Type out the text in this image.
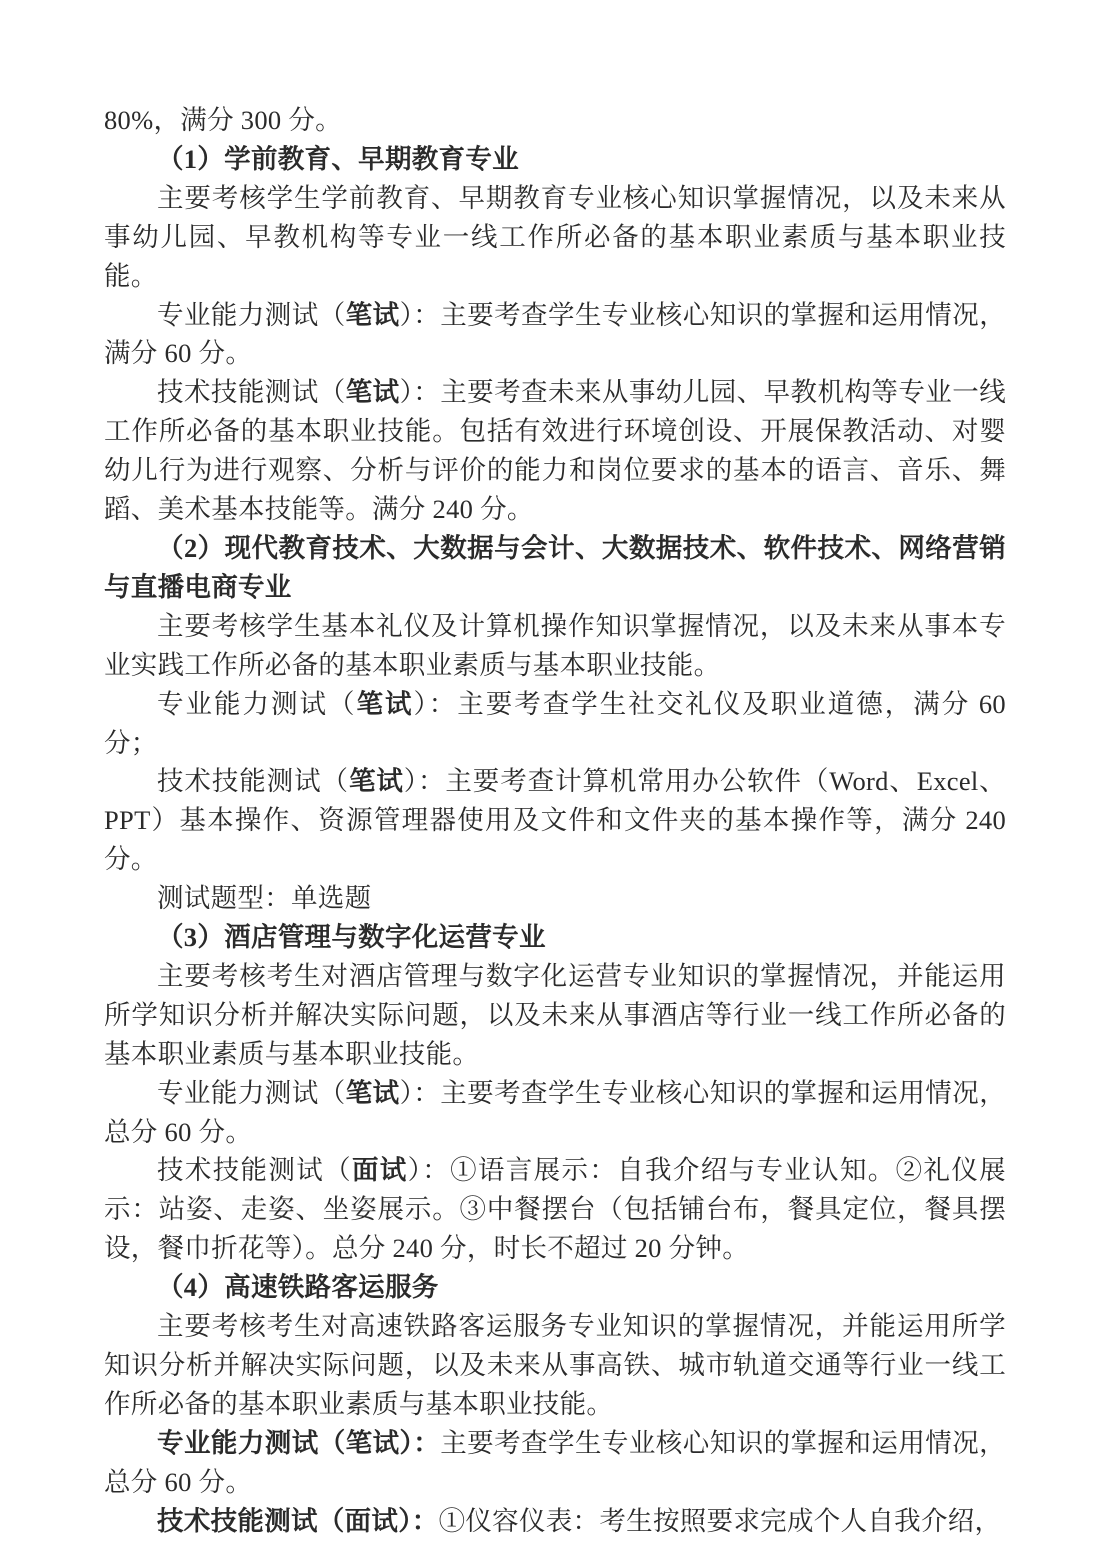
80%，满分 300 分。

（1）学前教育、早期教育专业

主要考核学生学前教育、早期教育专业核心知识掌握情况，以及未来从事幼儿园、早教机构等专业一线工作所必备的基本职业素质与基本职业技能。

专业能力测试（笔试）：主要考查学生专业核心知识的掌握和运用情况，满分 60 分。

技术技能测试（笔试）：主要考查未来从事幼儿园、早教机构等专业一线工作所必备的基本职业技能。包括有效进行环境创设、开展保教活动、对婴幼儿行为进行观察、分析与评价的能力和岗位要求的基本的语言、音乐、舞蹈、美术基本技能等。满分 240 分。

（2）现代教育技术、大数据与会计、大数据技术、软件技术、网络营销与直播电商专业

主要考核学生基本礼仪及计算机操作知识掌握情况，以及未来从事本专业实践工作所必备的基本职业素质与基本职业技能。

专业能力测试（笔试）：主要考查学生社交礼仪及职业道德，满分 60 分；

技术技能测试（笔试）：主要考查计算机常用办公软件（Word、Excel、PPT）基本操作、资源管理器使用及文件和文件夹的基本操作等，满分 240 分。

测试题型：单选题

（3）酒店管理与数字化运营专业

主要考核考生对酒店管理与数字化运营专业知识的掌握情况，并能运用所学知识分析并解决实际问题，以及未来从事酒店等行业一线工作所必备的基本职业素质与基本职业技能。

专业能力测试（笔试）：主要考查学生专业核心知识的掌握和运用情况，总分 60 分。

技术技能测试（面试）：①语言展示：自我介绍与专业认知。②礼仪展示：站姿、走姿、坐姿展示。③中餐摆台（包括铺台布，餐具定位，餐具摆设，餐巾折花等）。总分 240 分，时长不超过 20 分钟。

（4）高速铁路客运服务

主要考核考生对高速铁路客运服务专业知识的掌握情况，并能运用所学知识分析并解决实际问题，以及未来从事高铁、城市轨道交通等行业一线工作所必备的基本职业素质与基本职业技能。

专业能力测试（笔试）：主要考查学生专业核心知识的掌握和运用情况，总分 60 分。

技术技能测试（面试）：①仪容仪表：考生按照要求完成个人自我介绍，
